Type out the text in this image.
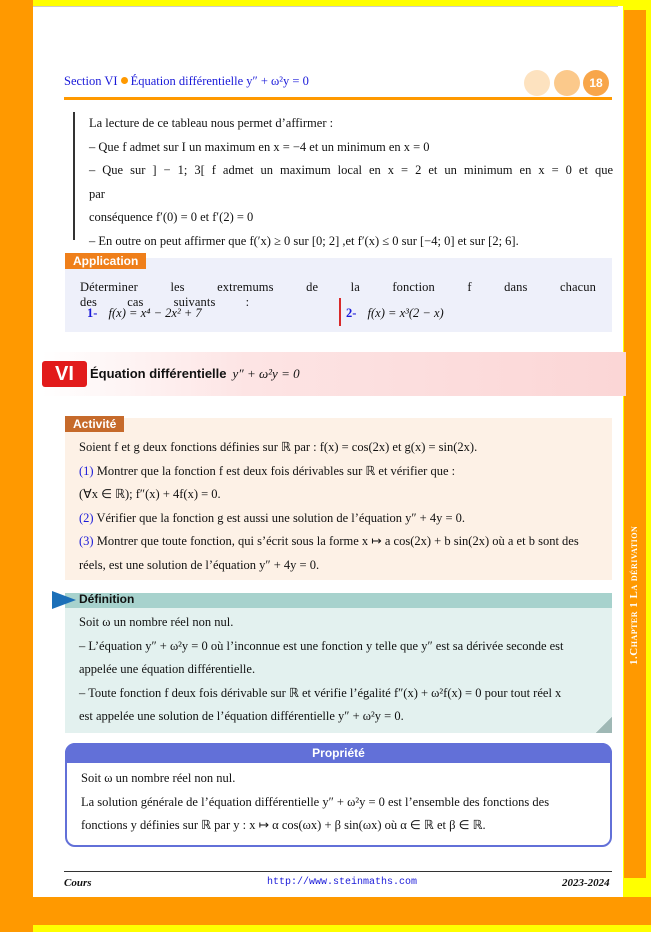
1.Chapter 1 La dérivation
Section VI Équation différentielle y″ + ω²y = 0	18

La lecture de ce tableau nous permet d’affirmer :

– Que f admet sur I un maximum en x = −4 et un minimum en x = 0

– Que sur ] − 1; 3[ f admet un maximum local en x = 2 et un minimum en x = 0 et que par

conséquence f′(0) = 0 et f′(2) = 0

– En outre on peut affirmer que f(′x) ≥ 0 sur [0; 2] ,et f′(x) ≤ 0 sur [−4; 0] et sur [2; 6].

Application
Déterminer les extremums de la fonction f dans chacun des cas suivants :
1- f(x) = x⁴ − 2x² + 7	2- f(x) = x³(2 − x)
VI	Équation différentielle y″ + ω²y = 0
Activité

Soient f et g deux fonctions définies sur ℝ par : f(x) = cos(2x) et g(x) = sin(2x).

(1) Montrer que la fonction f est deux fois dérivables sur ℝ et vérifier que :

(∀x ∈ ℝ); f″(x) + 4f(x) = 0.

(2) Vérifier que la fonction g est aussi une solution de l’équation y″ + 4y = 0.

(3) Montrer que toute fonction, qui s’écrit sous la forme x ↦ a cos(2x) + b sin(2x) où a et b sont des

réels, est une solution de l’équation y″ + 4y = 0.

Définition

Soit ω un nombre réel non nul.

– L’équation y″ + ω²y = 0 où l’inconnue est une fonction y telle que y″ est sa dérivée seconde est

appelée une équation différentielle.

– Toute fonction f deux fois dérivable sur ℝ et vérifie l’égalité f″(x) + ω²f(x) = 0 pour tout réel x

est appelée une solution de l’équation différentielle y″ + ω²y = 0.

Propriété

Soit ω un nombre réel non nul.

La solution générale de l’équation différentielle y″ + ω²y = 0 est l’ensemble des fonctions des

fonctions y définies sur ℝ par y : x ↦ α cos(ωx) + β sin(ωx) où α ∈ ℝ et β ∈ ℝ.

Cours	http://www.steinmaths.com	2023-2024
